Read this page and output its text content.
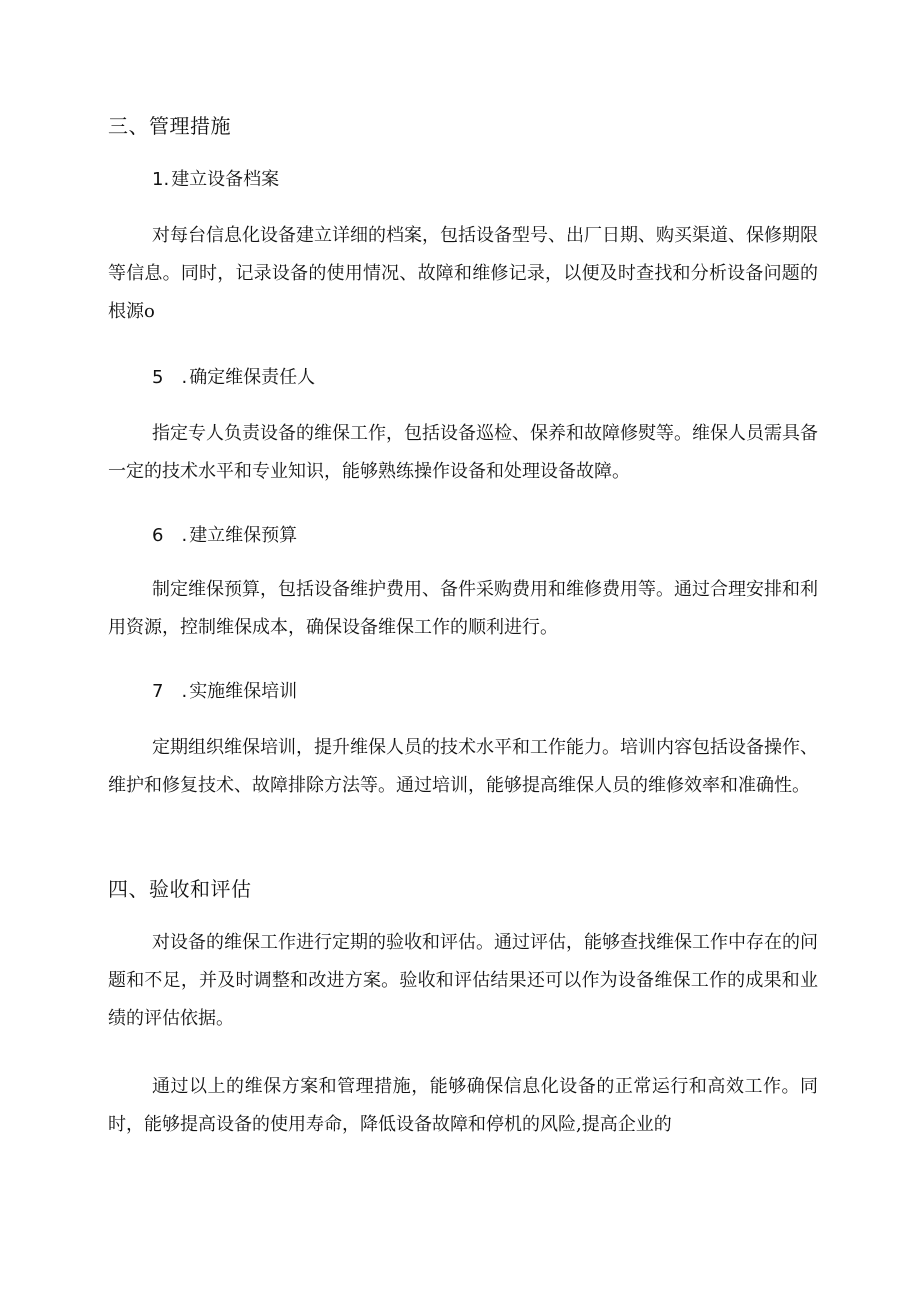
三、管理措施
1. 建立设备档案
对每台信息化设备建立详细的档案，包括设备型号、出厂日期、购买渠道、保修期限等信息。同时，记录设备的使用情况、故障和维修记录，以便及时查找和分析设备问题的根源o
5　. 确定维保责任人
指定专人负责设备的维保工作，包括设备巡检、保养和故障修熨等。维保人员需具备一定的技术水平和专业知识，能够熟练操作设备和处理设备故障。
6　. 建立维保预算
制定维保预算，包括设备维护费用、备件采购费用和维修费用等。通过合理安排和利用资源，控制维保成本，确保设备维保工作的顺利进行。
7　. 实施维保培训
定期组织维保培训，提升维保人员的技术水平和工作能力。培训内容包括设备操作、维护和修复技术、故障排除方法等。通过培训，能够提高维保人员的维修效率和准确性。
四、验收和评估
对设备的维保工作进行定期的验收和评估。通过评估，能够查找维保工作中存在的问题和不足，并及时调整和改进方案。验收和评估结果还可以作为设备维保工作的成果和业绩的评估依据。
通过以上的维保方案和管理措施，能够确保信息化设备的正常运行和高效工作。同时，能够提高设备的使用寿命，降低设备故障和停机的风险,提高企业的
